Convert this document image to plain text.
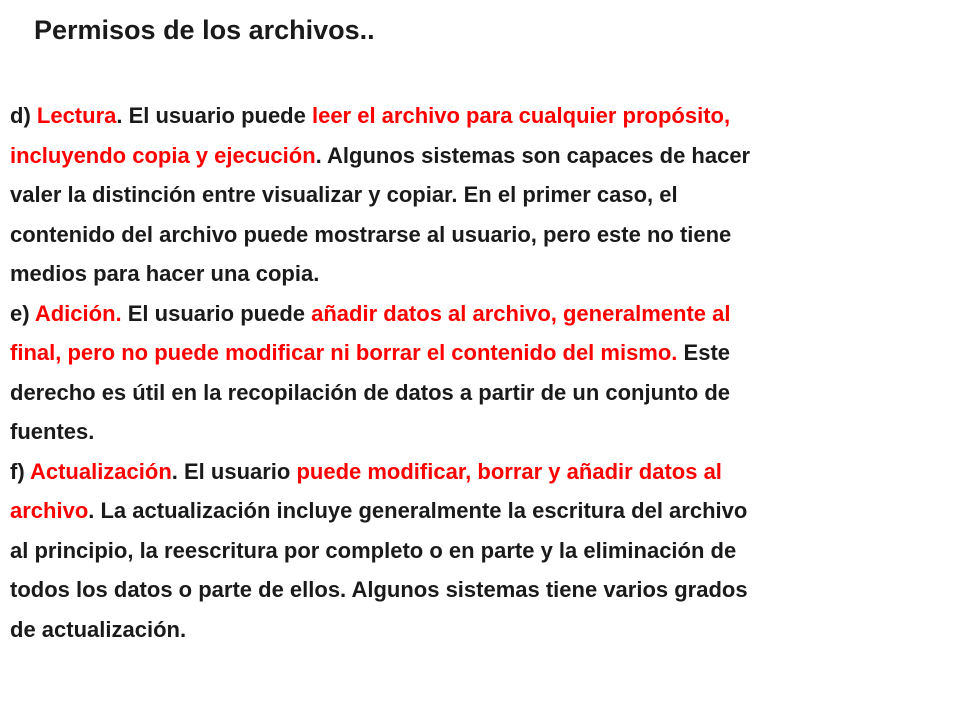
Permisos de los archivos..
d) Lectura. El usuario puede leer el archivo para cualquier propósito,
incluyendo copia y ejecución. Algunos sistemas son capaces de hacer
valer la distinción entre visualizar y copiar. En el primer caso, el
contenido del archivo puede mostrarse al usuario, pero este no tiene
medios para hacer una copia.
e) Adición. El usuario puede añadir datos al archivo, generalmente al
final, pero no puede modificar ni borrar el contenido del mismo. Este
derecho es útil en la recopilación de datos a partir de un conjunto de
fuentes.
f) Actualización. El usuario puede modificar, borrar y añadir datos al
archivo. La actualización incluye generalmente la escritura del archivo
al principio, la reescritura por completo o en parte y la eliminación de
todos los datos o parte de ellos. Algunos sistemas tiene varios grados
de actualización.
